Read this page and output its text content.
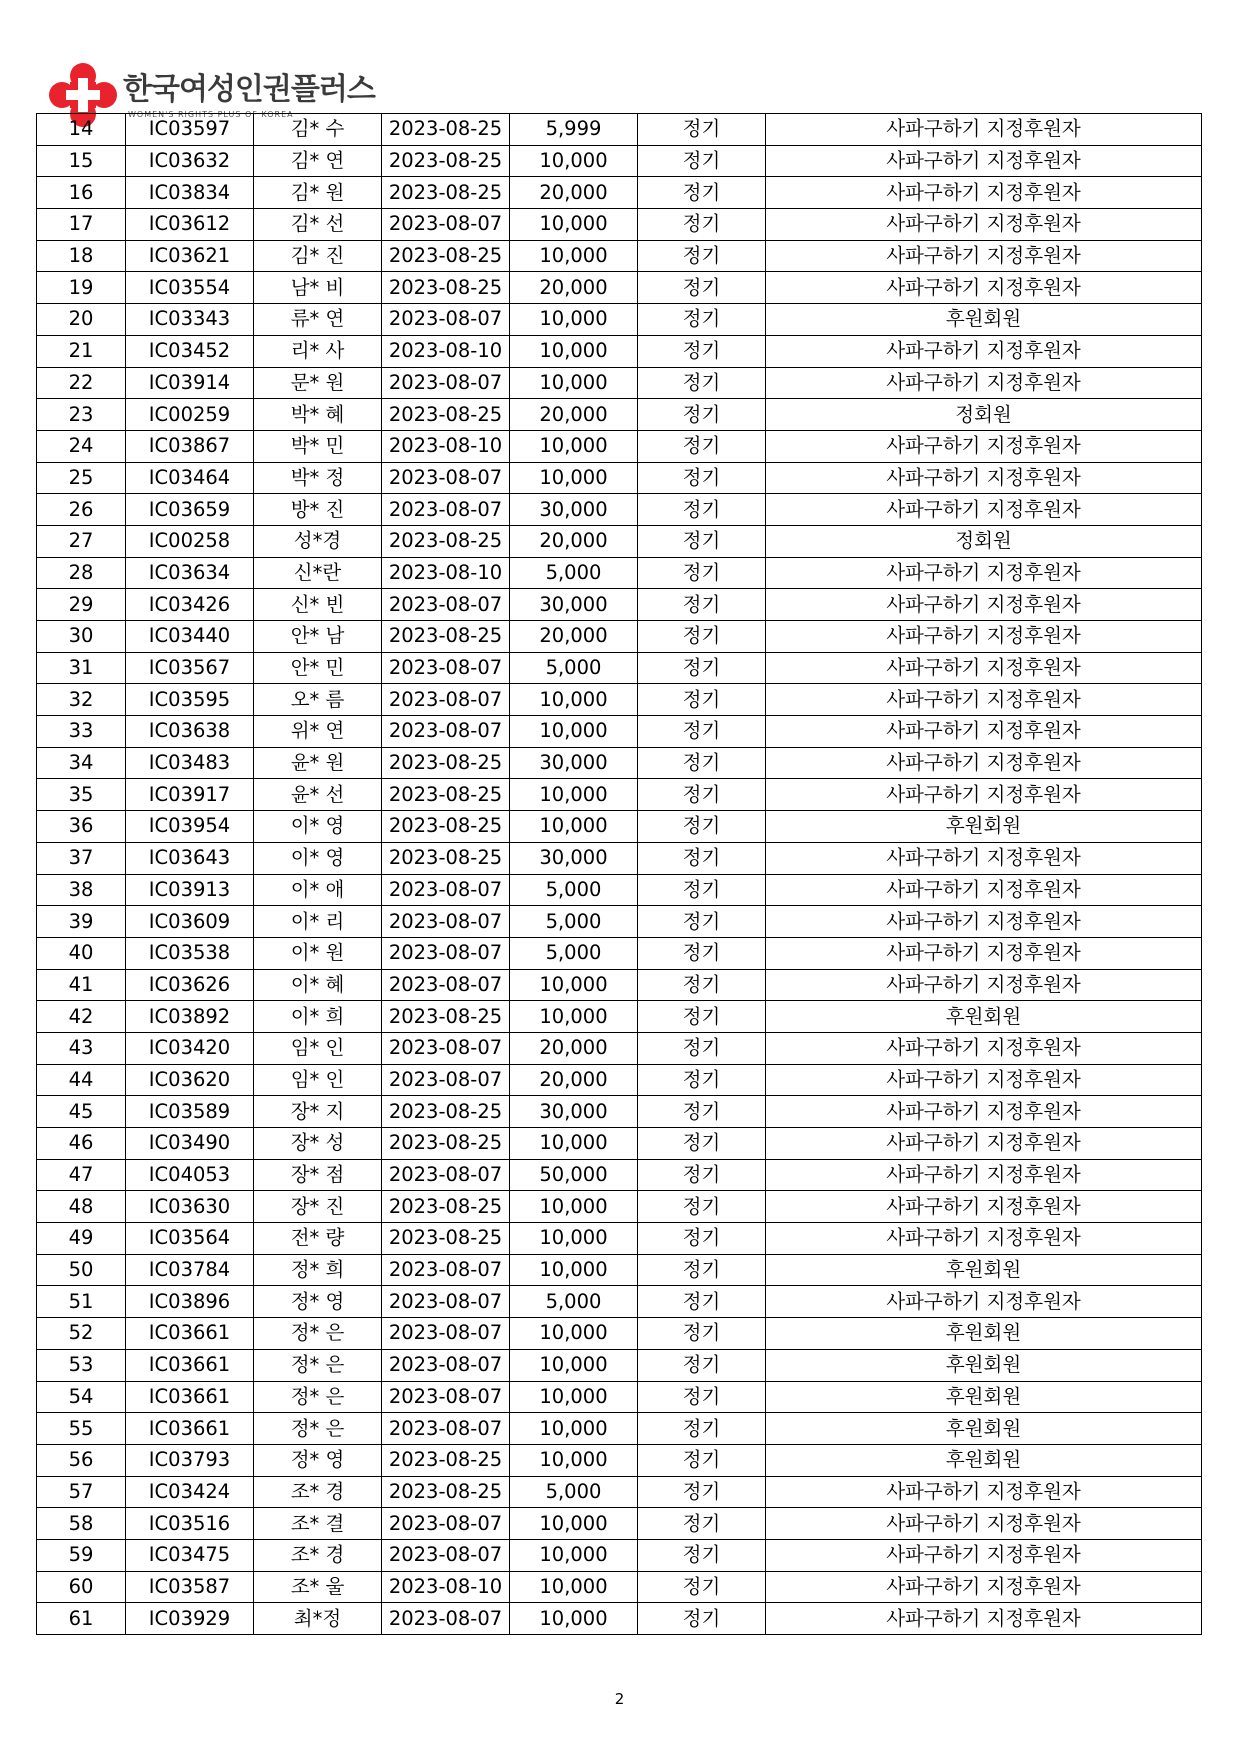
한국여성인권플러스
WOMEN'S RIGHTS PLUS OF KOREA
14	IC03597	김* 수	2023-08-25	5,999	정기	사파구하기 지정후원자
15	IC03632	김* 연	2023-08-25	10,000	정기	사파구하기 지정후원자
16	IC03834	김* 원	2023-08-25	20,000	정기	사파구하기 지정후원자
17	IC03612	김* 선	2023-08-07	10,000	정기	사파구하기 지정후원자
18	IC03621	김* 진	2023-08-25	10,000	정기	사파구하기 지정후원자
19	IC03554	남* 비	2023-08-25	20,000	정기	사파구하기 지정후원자
20	IC03343	류* 연	2023-08-07	10,000	정기	후원회원
21	IC03452	리* 사	2023-08-10	10,000	정기	사파구하기 지정후원자
22	IC03914	문* 원	2023-08-07	10,000	정기	사파구하기 지정후원자
23	IC00259	박* 혜	2023-08-25	20,000	정기	정회원
24	IC03867	박* 민	2023-08-10	10,000	정기	사파구하기 지정후원자
25	IC03464	박* 정	2023-08-07	10,000	정기	사파구하기 지정후원자
26	IC03659	방* 진	2023-08-07	30,000	정기	사파구하기 지정후원자
27	IC00258	성*경	2023-08-25	20,000	정기	정회원
28	IC03634	신*란	2023-08-10	5,000	정기	사파구하기 지정후원자
29	IC03426	신* 빈	2023-08-07	30,000	정기	사파구하기 지정후원자
30	IC03440	안* 남	2023-08-25	20,000	정기	사파구하기 지정후원자
31	IC03567	안* 민	2023-08-07	5,000	정기	사파구하기 지정후원자
32	IC03595	오* 름	2023-08-07	10,000	정기	사파구하기 지정후원자
33	IC03638	위* 연	2023-08-07	10,000	정기	사파구하기 지정후원자
34	IC03483	윤* 원	2023-08-25	30,000	정기	사파구하기 지정후원자
35	IC03917	윤* 선	2023-08-25	10,000	정기	사파구하기 지정후원자
36	IC03954	이* 영	2023-08-25	10,000	정기	후원회원
37	IC03643	이* 영	2023-08-25	30,000	정기	사파구하기 지정후원자
38	IC03913	이* 애	2023-08-07	5,000	정기	사파구하기 지정후원자
39	IC03609	이* 리	2023-08-07	5,000	정기	사파구하기 지정후원자
40	IC03538	이* 원	2023-08-07	5,000	정기	사파구하기 지정후원자
41	IC03626	이* 혜	2023-08-07	10,000	정기	사파구하기 지정후원자
42	IC03892	이* 희	2023-08-25	10,000	정기	후원회원
43	IC03420	임* 인	2023-08-07	20,000	정기	사파구하기 지정후원자
44	IC03620	임* 인	2023-08-07	20,000	정기	사파구하기 지정후원자
45	IC03589	장* 지	2023-08-25	30,000	정기	사파구하기 지정후원자
46	IC03490	장* 성	2023-08-25	10,000	정기	사파구하기 지정후원자
47	IC04053	장* 점	2023-08-07	50,000	정기	사파구하기 지정후원자
48	IC03630	장* 진	2023-08-25	10,000	정기	사파구하기 지정후원자
49	IC03564	전* 량	2023-08-25	10,000	정기	사파구하기 지정후원자
50	IC03784	정* 희	2023-08-07	10,000	정기	후원회원
51	IC03896	정* 영	2023-08-07	5,000	정기	사파구하기 지정후원자
52	IC03661	정* 은	2023-08-07	10,000	정기	후원회원
53	IC03661	정* 은	2023-08-07	10,000	정기	후원회원
54	IC03661	정* 은	2023-08-07	10,000	정기	후원회원
55	IC03661	정* 은	2023-08-07	10,000	정기	후원회원
56	IC03793	정* 영	2023-08-25	10,000	정기	후원회원
57	IC03424	조* 경	2023-08-25	5,000	정기	사파구하기 지정후원자
58	IC03516	조* 결	2023-08-07	10,000	정기	사파구하기 지정후원자
59	IC03475	조* 경	2023-08-07	10,000	정기	사파구하기 지정후원자
60	IC03587	조* 울	2023-08-10	10,000	정기	사파구하기 지정후원자
61	IC03929	최*정	2023-08-07	10,000	정기	사파구하기 지정후원자
2
